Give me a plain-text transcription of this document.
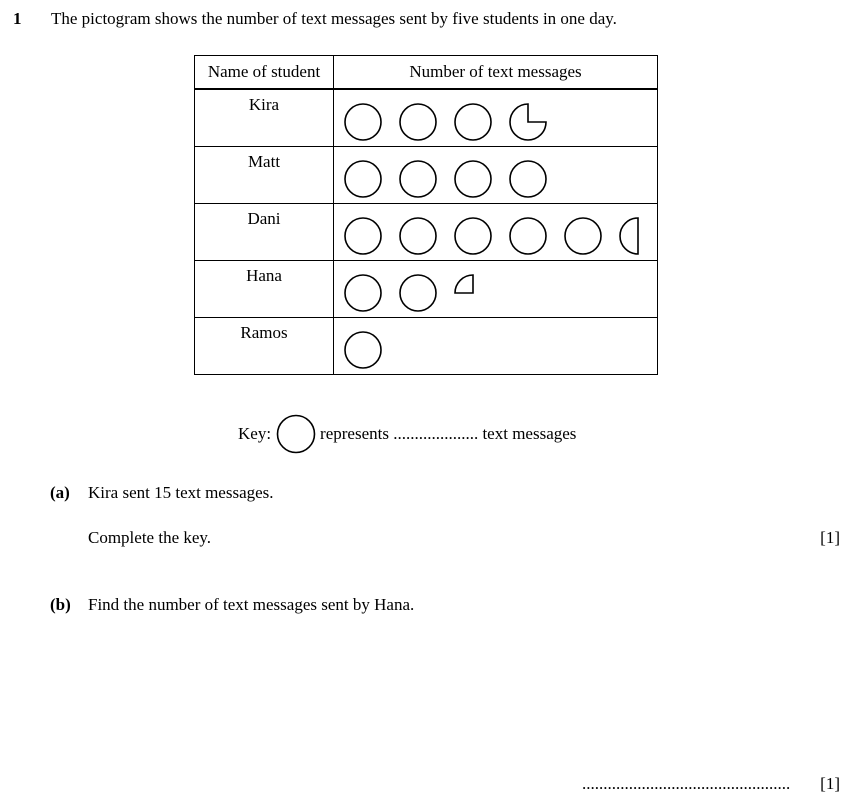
1 The pictogram shows the number of text messages sent by five students in one day.
Name of student	Number of text messages
Kira	

Matt	

Dani	

Hana	

Ramos	
Key:	represents .................... text messages
(a) Kira sent 15 text messages.
Complete the key.	[1]
(b) Find the number of text messages sent by Hana.
................................................. [1]
